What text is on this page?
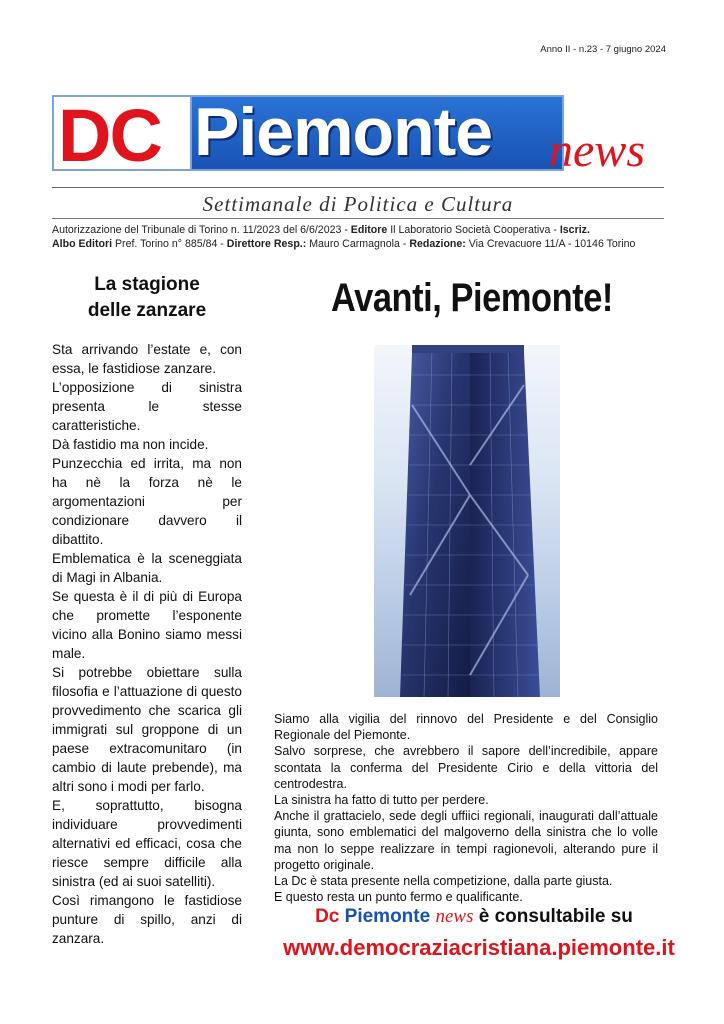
Anno II - n.23 - 7 giugno 2024
DC Piemonte news
Settimanale di Politica e Cultura
Autorizzazione del Tribunale di Torino n. 11/2023 del 6/6/2023 - Editore Il Laboratorio Società Cooperativa - Iscriz.
Albo Editori Pref. Torino n° 885/84 - Direttore Resp.: Mauro Carmagnola - Redazione: Via Crevacuore 11/A - 10146 Torino
La stagione
delle zanzare

Sta arrivando l’estate e, con essa, le fastidiose zanzare.

L’opposizione di sinistra presenta le stesse caratteristiche.

Dà fastidio ma non incide.

Punzecchia ed irrita, ma non ha nè la forza nè le argomentazioni per condizionare davvero il dibattito.

Emblematica è la sceneggiata di Magi in Albania.

Se questa è il di più di Europa che promette l’esponente vicino alla Bonino siamo messi male.

Si potrebbe obiettare sulla filosofia e l’attuazione di questo provvedimento che scarica gli immigrati sul groppone di un paese extracomunitaro (in cambio di laute prebende), ma altri sono i modi per farlo.

E, soprattutto, bisogna individuare provvedimenti alternativi ed efficaci, cosa che riesce sempre difficile alla sinistra (ed ai suoi satelliti).

Così rimangono le fastidiose punture di spillo, anzi di zanzara.

Avanti, Piemonte!

Siamo alla vigilia del rinnovo del Presidente e del Consiglio Regionale del Piemonte.

Salvo sorprese, che avrebbero il sapore dell’incredibile, appare scontata la conferma del Presidente Cirio e della vittoria del centrodestra.

La sinistra ha fatto di tutto per perdere.

Anche il grattacielo, sede degli uffiici regionali, inaugurati dall’attuale giunta, sono emblematici del malgoverno della sinistra che lo volle ma non lo seppe realizzare in tempi ragionevoli, alterando pure il progetto originale.

La Dc è stata presente nella competizione, dalla parte giusta.

E questo resta un punto fermo e qualificante.

Dc Piemonte news è consultabile su
www.democraziacristiana.piemonte.it
